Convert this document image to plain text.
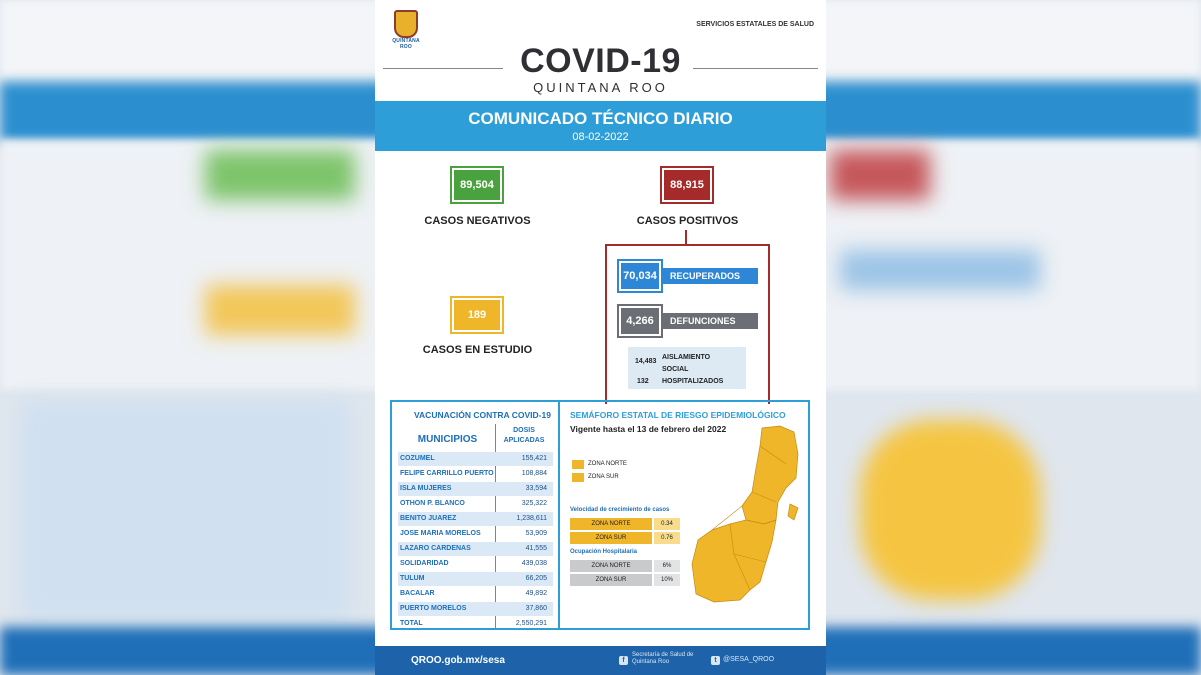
QUINTANA ROO
SERVICIOS ESTATALES DE SALUD
COVID-19
QUINTANA ROO
COMUNICADO TÉCNICO DIARIO
08-02-2022
89,504
CASOS NEGATIVOS
88,915
CASOS POSITIVOS
189
CASOS EN ESTUDIO
RECUPERADOS
70,034
DEFUNCIONES
4,266
14,483
AISLAMIENTO SOCIAL
132 HOSPITALIZADOS
VACUNACIÓN CONTRA COVID-19
MUNICIPIOS
DOSIS APLICADAS
COZUMEL	155,421
FELIPE CARRILLO PUERTO	108,884
ISLA MUJERES	33,594
OTHON P. BLANCO	325,322
BENITO JUAREZ	1,238,611
JOSE MARIA MORELOS	53,909
LAZARO CARDENAS	41,555
SOLIDARIDAD	439,038
TULUM	66,205
BACALAR	49,892
PUERTO MORELOS	37,860
TOTAL	2,550,291
SEMÁFORO ESTATAL DE RIESGO EPIDEMIOLÓGICO
Vigente hasta el 13 de febrero del 2022
ZONA NORTE
ZONA SUR
Velocidad de crecimiento de casos
ZONA NORTE	0.34
ZONA SUR	0.76
Ocupación Hospitalaria
ZONA NORTE	6%
ZONA SUR	10%
QROO.gob.mx/sesa	f
Secretaría de Salud de Quintana Roo	t @SESA_QROO
